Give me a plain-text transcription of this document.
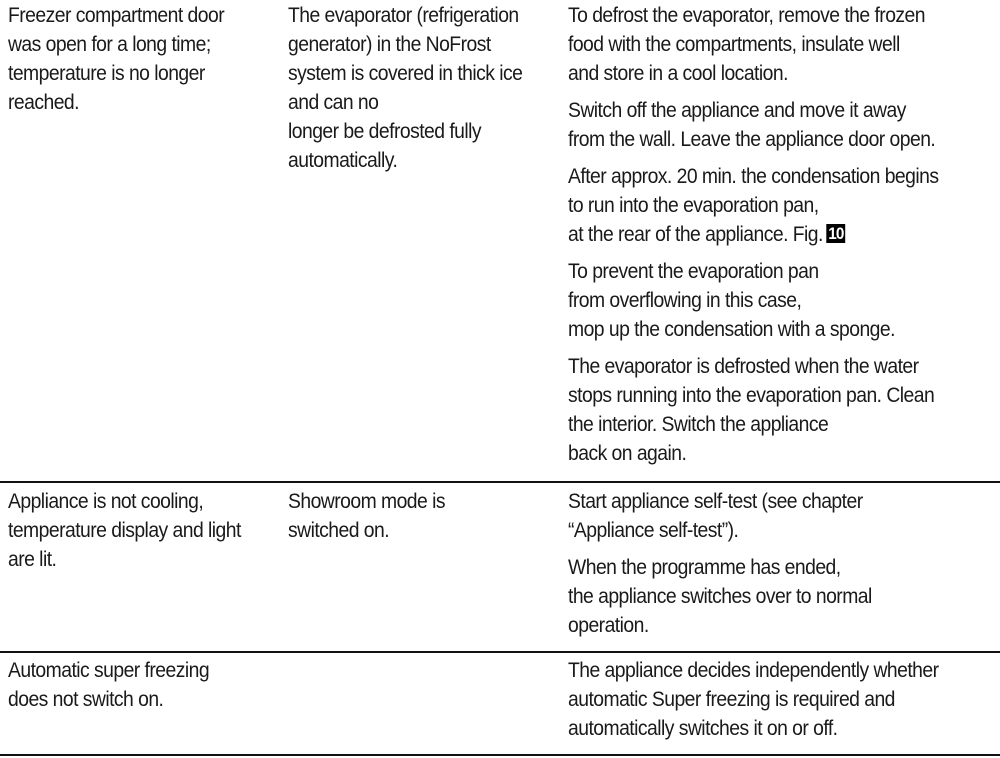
Freezer compartment door
was open for a long time;
temperature is no longer
reached.
The evaporator (refrigeration
generator) in the NoFrost
system is covered in thick ice
and can no
longer be defrosted fully
automatically.
To defrost the evaporator, remove the frozen
food with the compartments, insulate well
and store in a cool location.
Switch off the appliance and move it away
from the wall. Leave the appliance door open.
After approx. 20 min. the condensation begins
to run into the evaporation pan,
at the rear of the appliance. Fig. 10
To prevent the evaporation pan
from overflowing in this case,
mop up the condensation with a sponge.
The evaporator is defrosted when the water
stops running into the evaporation pan. Clean
the interior. Switch the appliance
back on again.
Appliance is not cooling,
temperature display and light
are lit.
Showroom mode is
switched on.
Start appliance self-test (see chapter
“Appliance self-test”).
When the programme has ended,
the appliance switches over to normal
operation.
Automatic super freezing
does not switch on.
The appliance decides independently whether
automatic Super freezing is required and
automatically switches it on or off.
